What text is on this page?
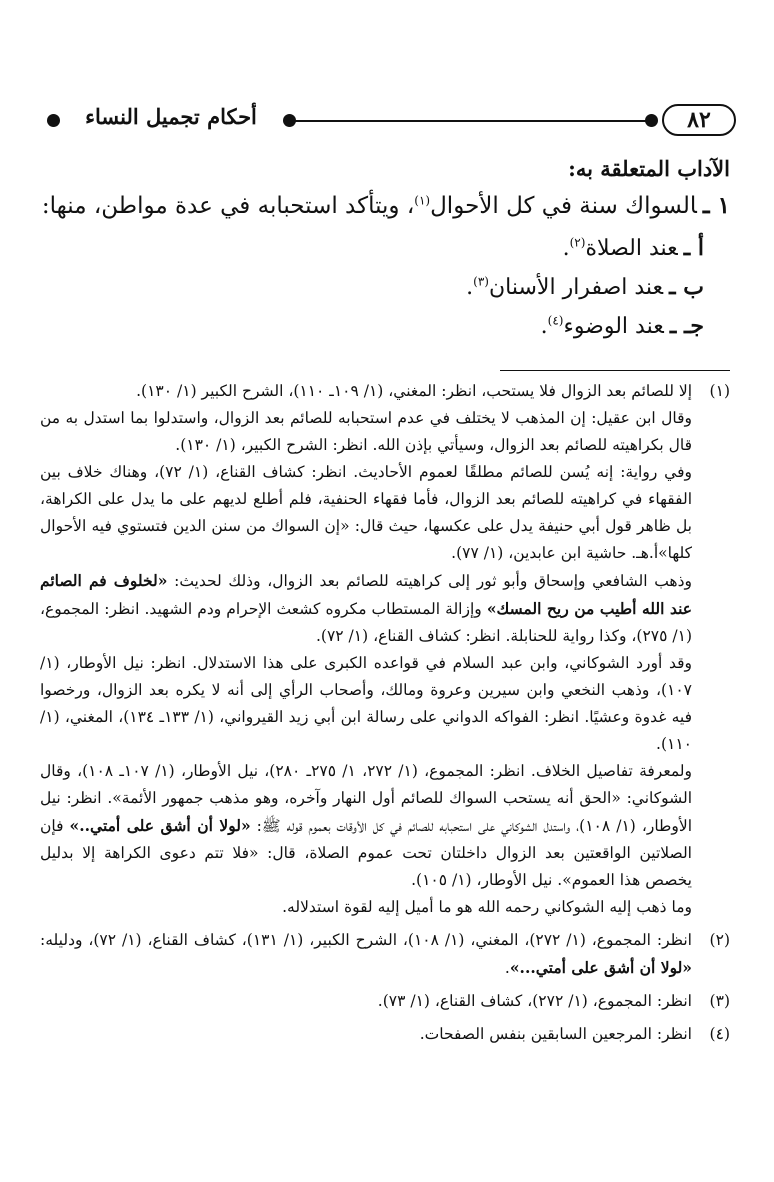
٨٢
أحكام تجميل النساء
الآداب المتعلقة به:
١ ـالسواك سنة في كل الأحوال$^{(١)}$، ويتأكد استحبابه في عدة مواطن، منها:
أ ـعند الصلاة$^{(٢)}$.
ب ـعند اصفرار الأسنان$^{(٣)}$.
جـ ـعند الوضوء$^{(٤)}$.
(١)

إلا للصائم بعد الزوال فلا يستحب، انظر: المغني، (١/ ١٠٩ـ ١١٠)، الشرح الكبير (١/ ١٣٠).

وقال ابن عقيل: إن المذهب لا يختلف في عدم استحبابه للصائم بعد الزوال، واستدلوا بما استدل به من قال بكراهيته للصائم بعد الزوال، وسيأتي بإذن الله. انظر: الشرح الكبير، (١/ ١٣٠).

وفي رواية: إنه يُسن للصائم مطلقًا لعموم الأحاديث. انظر: كشاف القناع، (١/ ٧٢)، وهناك خلاف بين الفقهاء في كراهيته للصائم بعد الزوال، فأما فقهاء الحنفية، فلم أطلع لديهم على ما يدل على الكراهة، بل ظاهر قول أبي حنيفة يدل على عكسها، حيث قال: «إن السواك من سنن الدين فتستوي فيه الأحوال كلها»أ.هـ. حاشية ابن عابدين، (١/ ٧٧).

وذهب الشافعي وإسحاق وأبو ثور إلى كراهيته للصائم بعد الزوال، وذلك لحديث: «لخلوف فم الصائم عند الله أطيب من ريح المسك» وإزالة المستطاب مكروه كشعث الإحرام ودم الشهيد. انظر: المجموع، (١/ ٢٧٥)، وكذا رواية للحنابلة. انظر: كشاف القناع، (١/ ٧٢).

وقد أورد الشوكاني، وابن عبد السلام في قواعده الكبرى على هذا الاستدلال. انظر: نيل الأوطار، (١/ ١٠٧)، وذهب النخعي وابن سيرين وعروة ومالك، وأصحاب الرأي إلى أنه لا يكره بعد الزوال، ورخصوا فيه غدوة وعشيًا. انظر: الفواكه الدواني على رسالة ابن أبي زيد القيرواني، (١/ ١٣٣ـ ١٣٤)، المغني، (١/ ١١٠).

ولمعرفة تفاصيل الخلاف. انظر: المجموع، (١/ ٢٧٢، ١/ ٢٧٥ـ ٢٨٠)، نيل الأوطار، (١/ ١٠٧ـ ١٠٨)، وقال الشوكاني: «الحق أنه يستحب السواك للصائم أول النهار وآخره، وهو مذهب جمهور الأئمة». انظر: نيل الأوطار، (١/ ١٠٨)، واستدل الشوكاني على استحبابه للصائم في كل الأوقات بعموم قوله ﷺ: «لولا أن أشق على أمتي..» فإن الصلاتين الواقعتين بعد الزوال داخلتان تحت عموم الصلاة، قال: «فلا تتم دعوى الكراهة إلا بدليل يخصص هذا العموم». نيل الأوطار، (١/ ١٠٥).

وما ذهب إليه الشوكاني رحمه الله هو ما أميل إليه لقوة استدلاله.

(٢)

انظر: المجموع، (١/ ٢٧٢)، المغني، (١/ ١٠٨)، الشرح الكبير، (١/ ١٣١)، كشاف القناع، (١/ ٧٢)، ودليله: «لولا أن أشق على أمتي...».

(٣)
انظر: المجموع، (١/ ٢٧٢)، كشاف القناع، (١/ ٧٣).
(٤)
انظر: المرجعين السابقين بنفس الصفحات.
